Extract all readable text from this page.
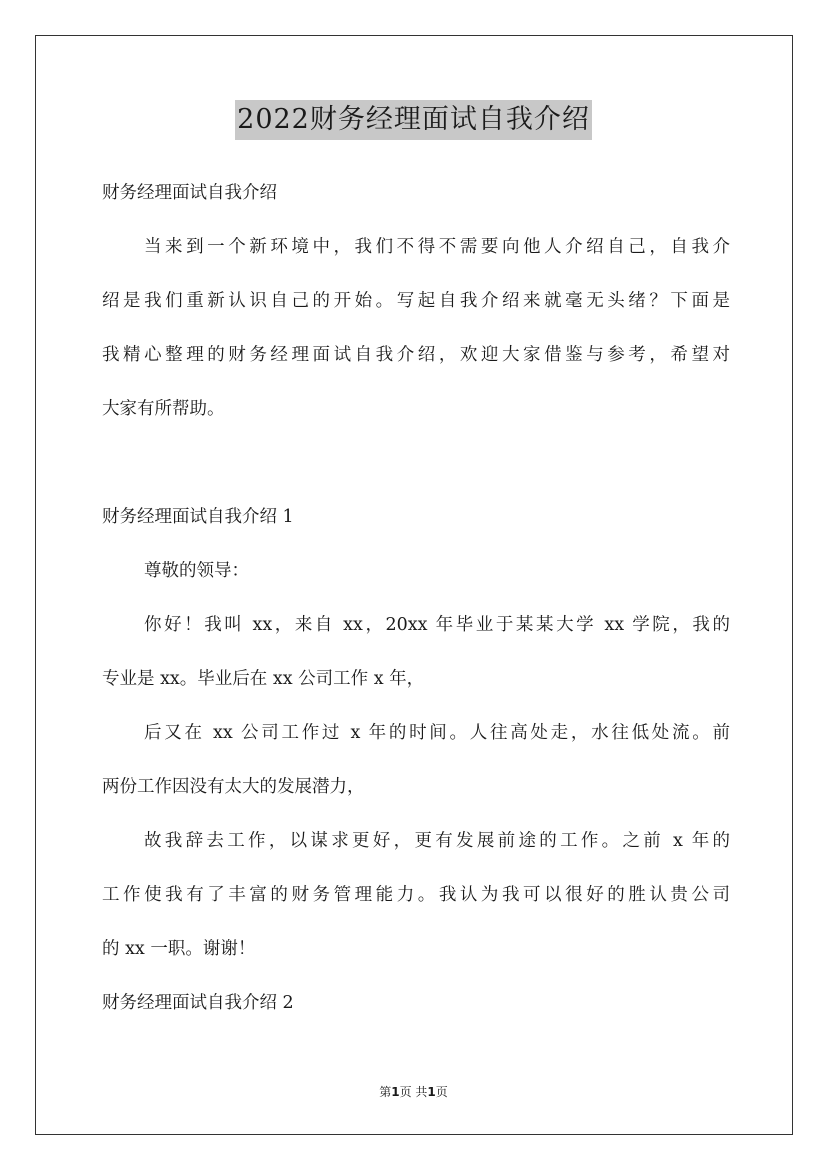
2022财务经理面试自我介绍
财务经理面试自我介绍
当来到一个新环境中，我们不得不需要向他人介绍自己，自我介
绍是我们重新认识自己的开始。写起自我介绍来就毫无头绪？下面是
我精心整理的财务经理面试自我介绍，欢迎大家借鉴与参考，希望对
大家有所帮助。
财务经理面试自我介绍 1
尊敬的领导：
你好！我叫 xx，来自 xx，20xx 年毕业于某某大学 xx 学院，我的
专业是 xx。毕业后在 xx 公司工作 x 年，
后又在 xx 公司工作过 x 年的时间。人往高处走，水往低处流。前
两份工作因没有太大的发展潜力，
故我辞去工作，以谋求更好，更有发展前途的工作。之前 x 年的
工作使我有了丰富的财务管理能力。我认为我可以很好的胜认贵公司
的 xx 一职。谢谢！
财务经理面试自我介绍 2
第1页 共1页
